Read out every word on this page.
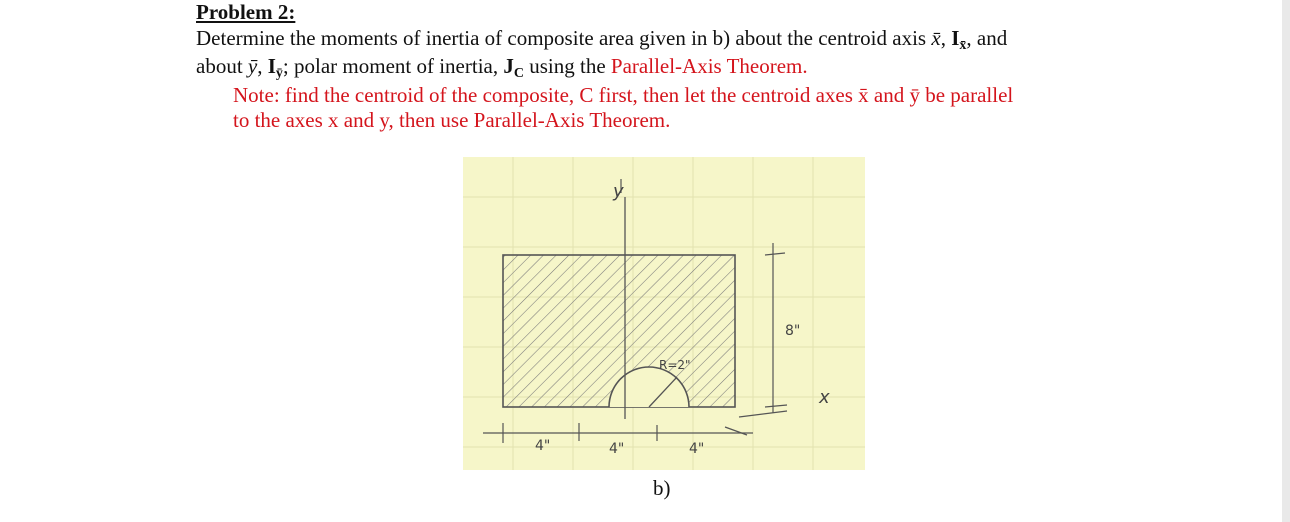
Problem 2:
Determine the moments of inertia of composite area given in b) about the centroid axis x̄, Ix̄, and
about ȳ, Iȳ; polar moment of inertia, JC using the Parallel-Axis Theorem.
Note: find the centroid of the composite, C first, then let the centroid axes x̄ and ȳ be parallel
to the axes x and y, then use Parallel-Axis Theorem.
y
x
8"
R=2"
4"	4"	4"
b)
